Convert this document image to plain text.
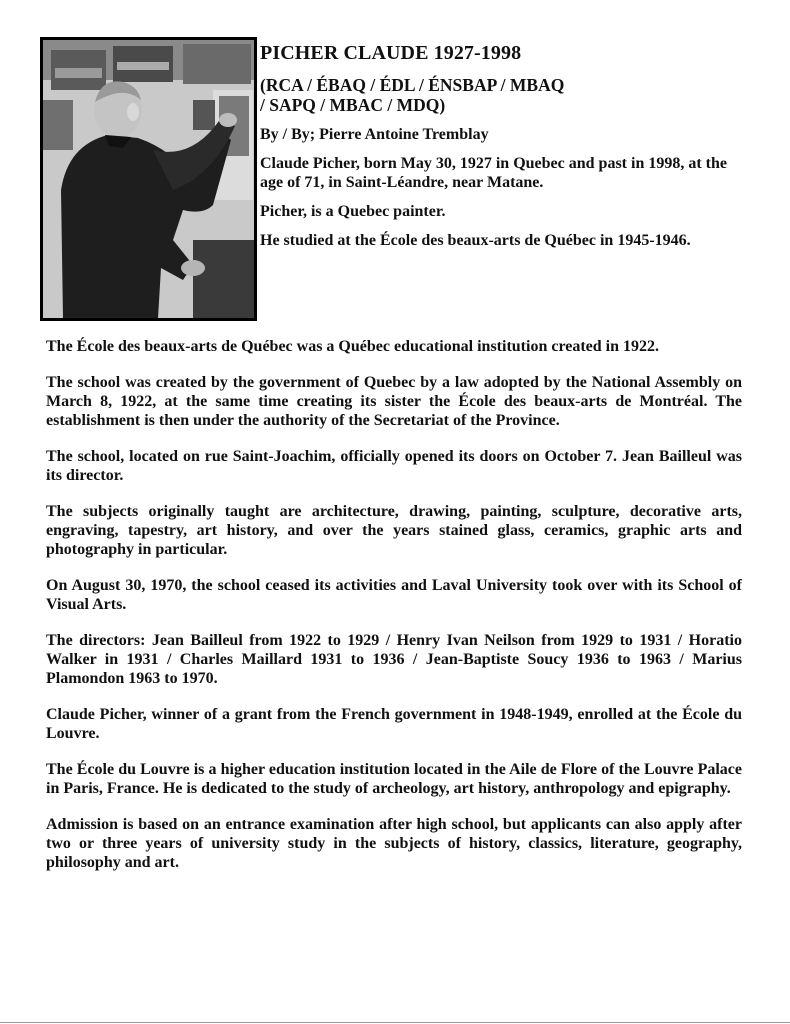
PICHER CLAUDE 1927-1998
(RCA / ÉBAQ / ÉDL / ÉNSBAP / MBAQ
/ SAPQ / MBAC / MDQ)

By / By; Pierre Antoine Tremblay

Claude Picher, born May 30, 1927 in Quebec and past in 1998, at the age of 71, in Saint-Léandre, near Matane.

Picher, is a Quebec painter.

He studied at the École des beaux-arts de Québec in 1945-1946.

The École des beaux-arts de Québec was a Québec educational institution created in 1922.

The school was created by the government of Quebec by a law adopted by the National Assembly on March 8, 1922, at the same time creating its sister the École des beaux-arts de Montréal. The establishment is then under the authority of the Secretariat of the Province.

The school, located on rue Saint-Joachim, officially opened its doors on October 7. Jean Bailleul was its director.

The subjects originally taught are architecture, drawing, painting, sculpture, decorative arts, engraving, tapestry, art history, and over the years stained glass, ceramics, graphic arts and photography in particular.

On August 30, 1970, the school ceased its activities and Laval University took over with its School of Visual Arts.

The directors: Jean Bailleul from 1922 to 1929 / Henry Ivan Neilson from 1929 to 1931 / Horatio Walker in 1931 / Charles Maillard 1931 to 1936 / Jean-Baptiste Soucy 1936 to 1963 / Marius Plamondon 1963 to 1970.

Claude Picher, winner of a grant from the French government in 1948-1949, enrolled at the École du Louvre.

The École du Louvre is a higher education institution located in the Aile de Flore of the Louvre Palace in Paris, France. He is dedicated to the study of archeology, art history, anthropology and epigraphy.

Admission is based on an entrance examination after high school, but applicants can also apply after two or three years of university study in the subjects of history, classics, literature, geography, philosophy and art.
